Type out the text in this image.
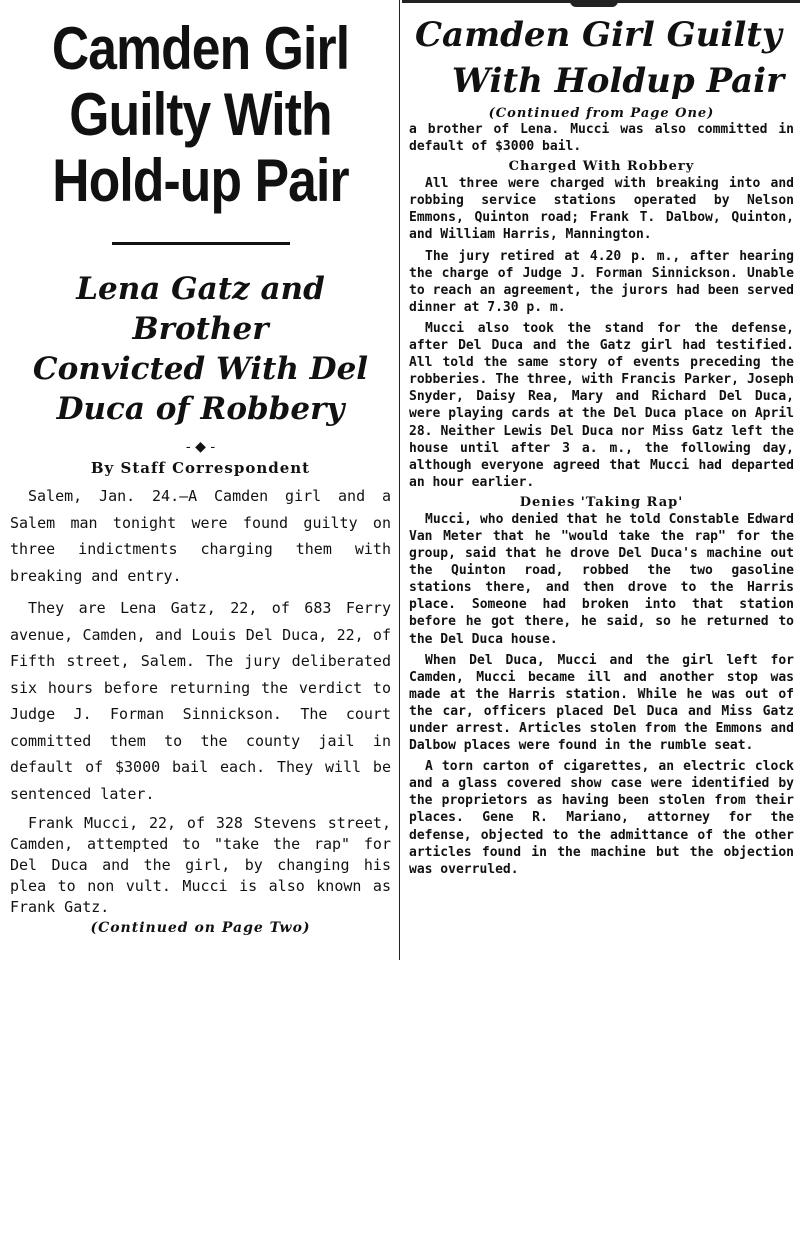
Camden Girl
Guilty With
Hold-up Pair
Lena Gatz and Brother
Convicted With Del
Duca of Robbery
- ◆ -
By Staff Correspondent

Salem, Jan. 24.—A Camden girl and a Salem man tonight were found guilty on three indictments charging them with breaking and entry.

They are Lena Gatz, 22, of 683 Ferry avenue, Camden, and Louis Del Duca, 22, of Fifth street, Salem. The jury deliberated six hours before returning the verdict to Judge J. Forman Sinnickson. The court committed them to the county jail in default of $3000 bail each. They will be sentenced later.

Frank Mucci, 22, of 328 Stevens street, Camden, attempted to "take the rap" for Del Duca and the girl, by changing his plea to non vult. Mucci is also known as Frank Gatz.

(Continued on Page Two)

Camden Girl Guilty
With Holdup Pair

(Continued from Page One)

a brother of Lena. Mucci was also committed in default of $3000 bail.

Charged With Robbery

All three were charged with breaking into and robbing service stations operated by Nelson Emmons, Quinton road; Frank T. Dalbow, Quinton, and William Harris, Mannington.

The jury retired at 4.20 p. m., after hearing the charge of Judge J. Forman Sinnickson. Unable to reach an agreement, the jurors had been served dinner at 7.30 p. m.

Mucci also took the stand for the defense, after Del Duca and the Gatz girl had testified. All told the same story of events preceding the robberies. The three, with Francis Parker, Joseph Snyder, Daisy Rea, Mary and Richard Del Duca, were playing cards at the Del Duca place on April 28. Neither Lewis Del Duca nor Miss Gatz left the house until after 3 a. m., the following day, although everyone agreed that Mucci had departed an hour earlier.

Denies 'Taking Rap'

Mucci, who denied that he told Constable Edward Van Meter that he "would take the rap" for the group, said that he drove Del Duca's machine out the Quinton road, robbed the two gasoline stations there, and then drove to the Harris place. Someone had broken into that station before he got there, he said, so he returned to the Del Duca house.

When Del Duca, Mucci and the girl left for Camden, Mucci became ill and another stop was made at the Harris station. While he was out of the car, officers placed Del Duca and Miss Gatz under arrest. Articles stolen from the Emmons and Dalbow places were found in the rumble seat.

A torn carton of cigarettes, an electric clock and a glass covered show case were identified by the proprietors as having been stolen from their places. Gene R. Mariano, attorney for the defense, objected to the admittance of the other articles found in the machine but the objection was overruled.
